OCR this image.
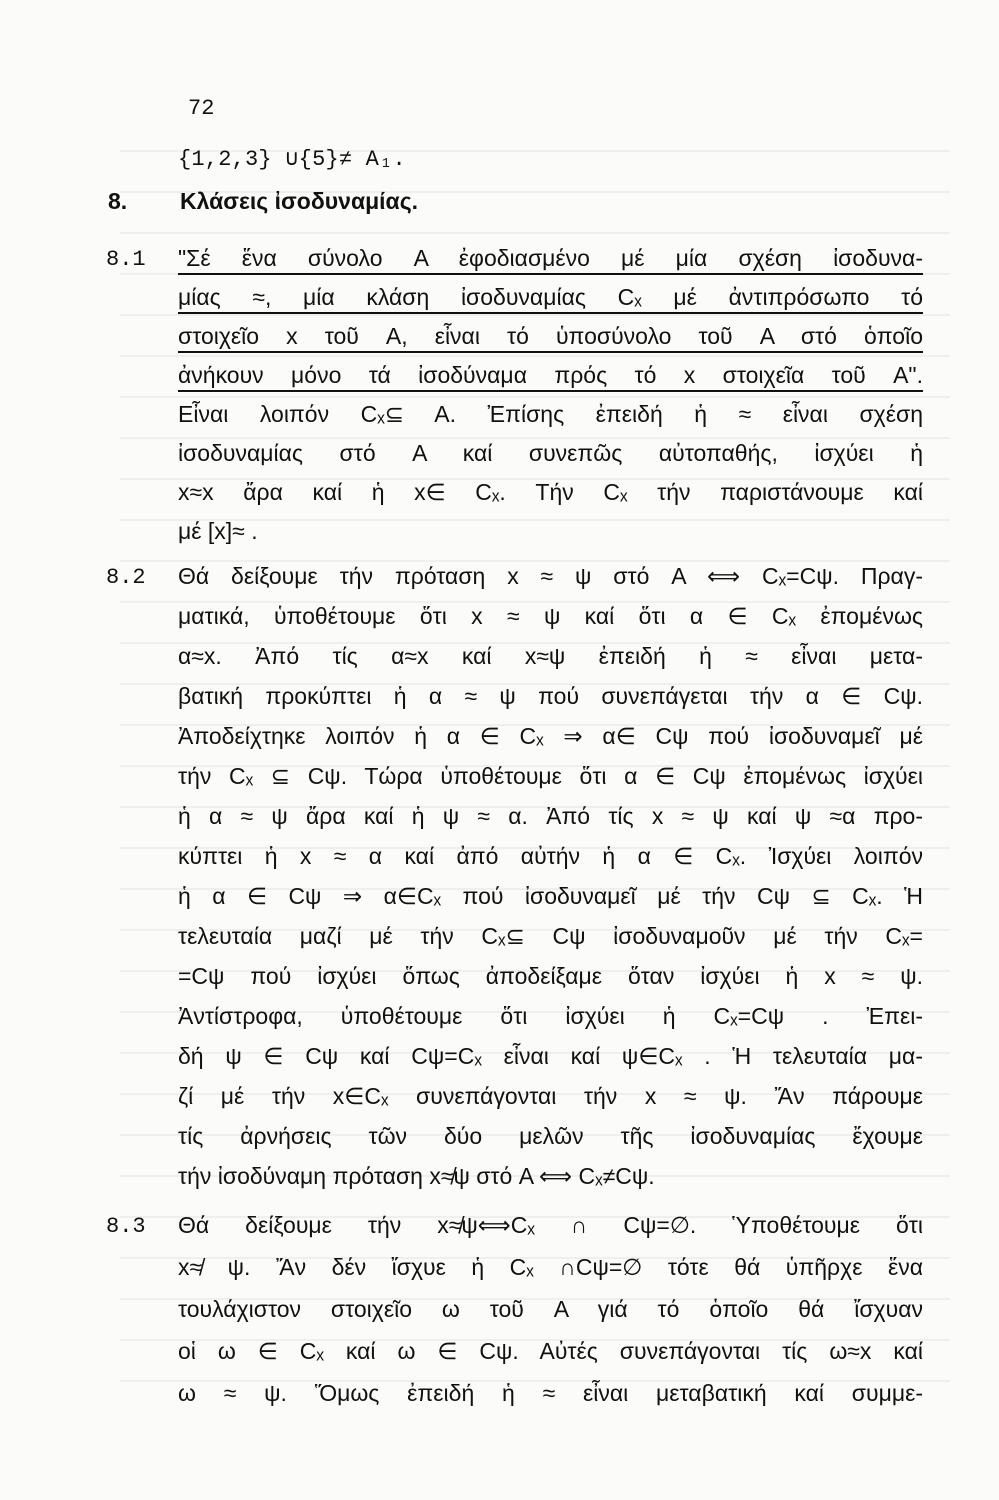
72
{1,2,3} ∪{5}≠ A₁.
8. Κλάσεις ἰσοδυναμίας.
8.1 "Σέ ἕνα σύνολο A ἐφοδιασμένο μέ μία σχέση ἰσοδυνα-
μίας ≈, μία κλάση ἰσοδυναμίας Cₓ μέ ἀντιπρόσωπο τό
στοιχεῖο x τοῦ A, εἶναι τό ὑποσύνολο τοῦ A στό ὁποῖο
ἀνήκουν μόνο τά ἰσοδύναμα πρός τό x στοιχεῖα τοῦ A".
Εἶναι λοιπόν Cₓ⊆ A. Ἐπίσης ἐπειδή ἡ ≈ εἶναι σχέση
ἰσοδυναμίας στό A καί συνεπῶς αὐτοπαθής, ἰσχύει ἡ
x≈x ἄρα καί ἡ x∈ Cₓ. Τήν Cₓ τήν παριστάνουμε καί
μέ [x]≈ .
8.2 Θά δείξουμε τήν πρόταση x ≈ ψ στό A ⟺ Cₓ=Cψ. Πραγ-
ματικά, ὑποθέτουμε ὅτι x ≈ ψ καί ὅτι α ∈ Cₓ ἐπομένως
α≈x. Ἀπό τίς α≈x καί x≈ψ ἐπειδή ἡ ≈ εἶναι μετα-
βατική προκύπτει ἡ α ≈ ψ πού συνεπάγεται τήν α ∈ Cψ.
Ἀποδείχτηκε λοιπόν ἡ α ∈ Cₓ ⇒ α∈ Cψ πού ἰσοδυναμεῖ μέ
τήν Cₓ ⊆ Cψ. Τώρα ὑποθέτουμε ὅτι α ∈ Cψ ἐπομένως ἰσχύει
ἡ α ≈ ψ ἄρα καί ἡ ψ ≈ α. Ἀπό τίς x ≈ ψ καί ψ ≈α προ-
κύπτει ἡ x ≈ α καί ἀπό αὐτήν ἡ α ∈ Cₓ. Ἰσχύει λοιπόν
ἡ α ∈ Cψ ⇒ α∈Cₓ πού ἰσοδυναμεῖ μέ τήν Cψ ⊆ Cₓ. Ἡ
τελευταία μαζί μέ τήν Cₓ⊆ Cψ ἰσοδυναμοῦν μέ τήν Cₓ=
=Cψ πού ἰσχύει ὅπως ἀποδείξαμε ὅταν ἰσχύει ἡ x ≈ ψ.
Ἀντίστροφα, ὑποθέτουμε ὅτι ἰσχύει ἡ Cₓ=Cψ . Ἐπει-
δή ψ ∈ Cψ καί Cψ=Cₓ εἶναι καί ψ∈Cₓ . Ἡ τελευταία μα-
ζί μέ τήν x∈Cₓ συνεπάγονται τήν x ≈ ψ. Ἄν πάρουμε
τίς ἀρνήσεις τῶν δύο μελῶν τῆς ἰσοδυναμίας ἔχουμε
τήν ἰσοδύναμη πρόταση x≉ψ στό A ⟺ Cₓ≠Cψ.
8.3 Θά δείξουμε τήν x≉ψ⟺Cₓ ∩ Cψ=∅. Ὑποθέτουμε ὅτι
x≉ ψ. Ἄν δέν ἴσχυε ἡ Cₓ ∩Cψ=∅ τότε θά ὑπῆρχε ἕνα
τουλάχιστον στοιχεῖο ω τοῦ A γιά τό ὁποῖο θά ἴσχυαν
οἱ ω ∈ Cₓ καί ω ∈ Cψ. Αὐτές συνεπάγονται τίς ω≈x καί
ω ≈ ψ. Ὅμως ἐπειδή ἡ ≈ εἶναι μεταβατική καί συμμε-
